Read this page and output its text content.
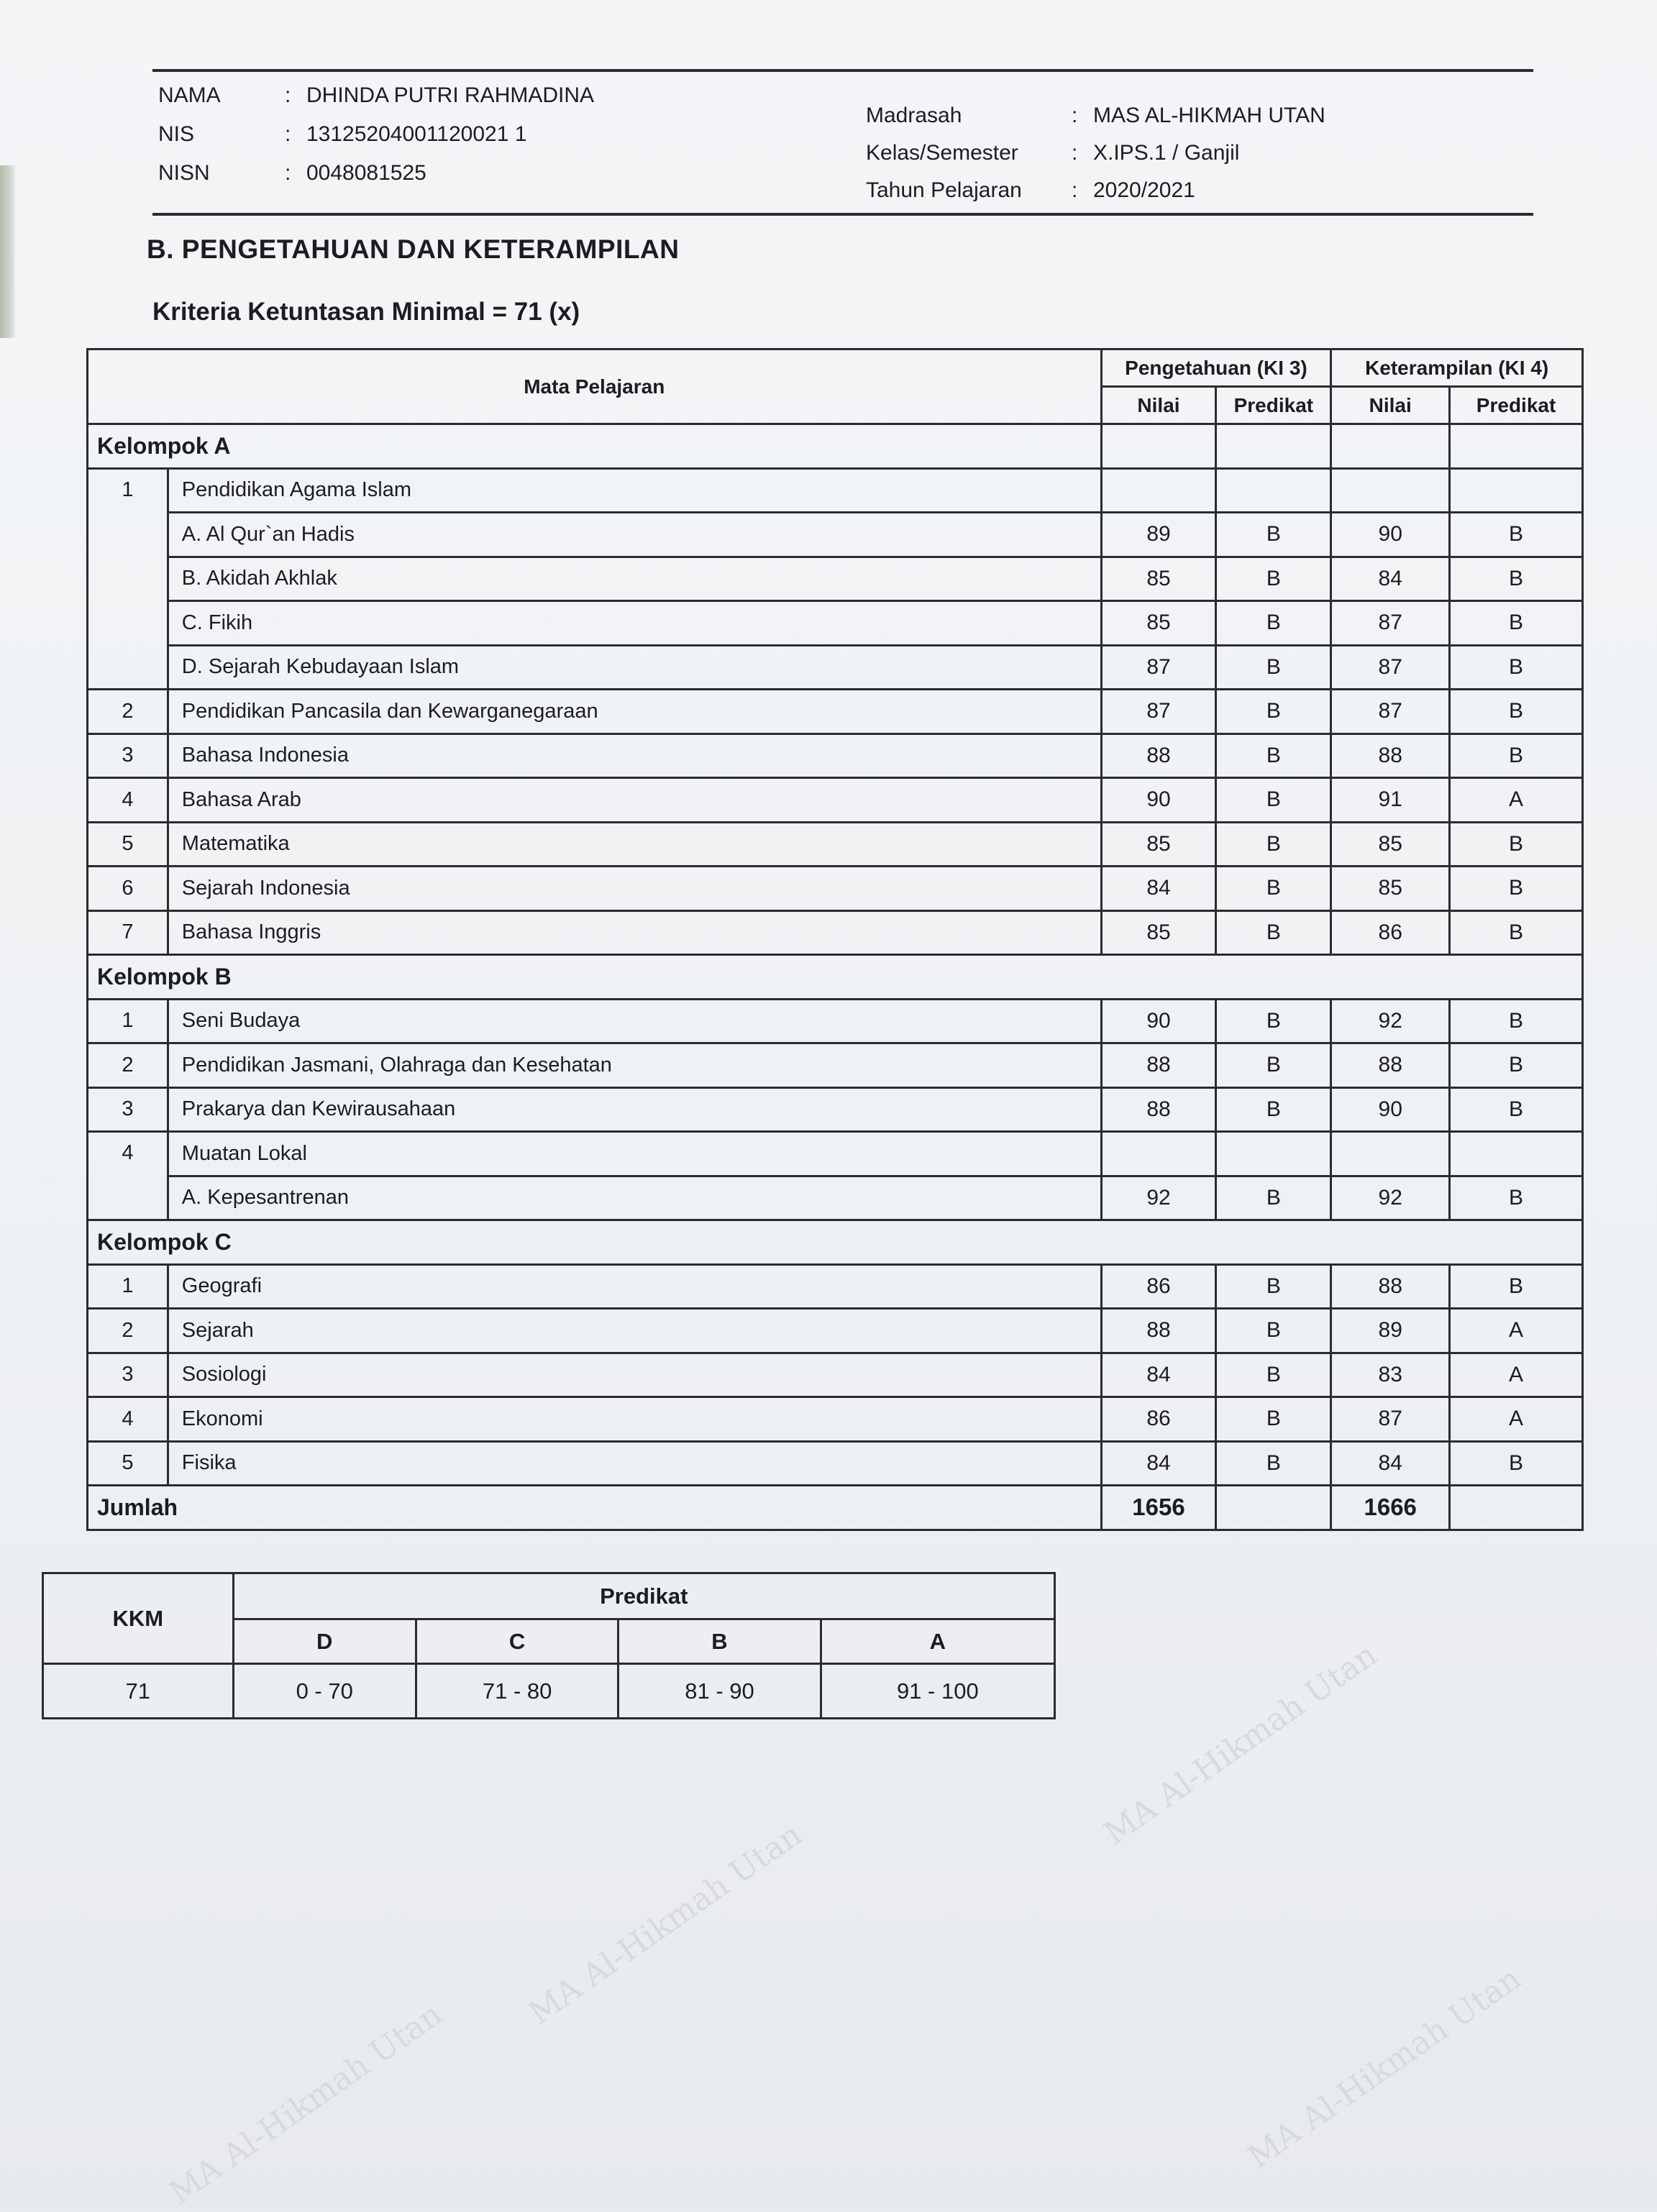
MA Al-Hikmah Utan
MA Al-Hikmah Utan
MA Al-Hikmah Utan
MA Al-Hikmah Utan
NAMA	: DHINDA PUTRI RAHMADINA
NIS	: 13125204001120021 1
NISN	: 0048081525
Madrasah	: MAS AL-HIKMAH UTAN
Kelas/Semester : X.IPS.1 / Ganjil
Tahun Pelajaran : 2020/2021
B. PENGETAHUAN DAN KETERAMPILAN
Kriteria Ketuntasan Minimal = 71 (x)
Mata Pelajaran		Pengetahuan (KI 3)		Keterampilan (KI 4)	
		Nilai	Predikat	Nilai	Predikat
Kelompok A					
1	Pendidikan Agama Islam				
	A. Al Qur`an Hadis	89	B	90	B
	B. Akidah Akhlak	85	B	84	B
	C. Fikih	85	B	87	B
	D. Sejarah Kebudayaan Islam	87	B	87	B
2	Pendidikan Pancasila dan Kewarganegaraan	87	B	87	B
3	Bahasa Indonesia	88	B	88	B
4	Bahasa Arab	90	B	91	A
5	Matematika	85	B	85	B
6	Sejarah Indonesia	84	B	85	B
7	Bahasa Inggris	85	B	86	B
Kelompok B					
1	Seni Budaya	90	B	92	B
2	Pendidikan Jasmani, Olahraga dan Kesehatan	88	B	88	B
3	Prakarya dan Kewirausahaan	88	B	90	B
4	Muatan Lokal				
	A. Kepesantrenan	92	B	92	B
Kelompok C					
1	Geografi	86	B	88	B
2	Sejarah	88	B	89	A
3	Sosiologi	84	B	83	A
4	Ekonomi	86	B	87	A
5	Fisika	84	B	84	B
Jumlah		1656		1666	
KKM	Predikat			
	D	C	B	A
71	0 - 70	71 - 80	81 - 90	91 - 100
